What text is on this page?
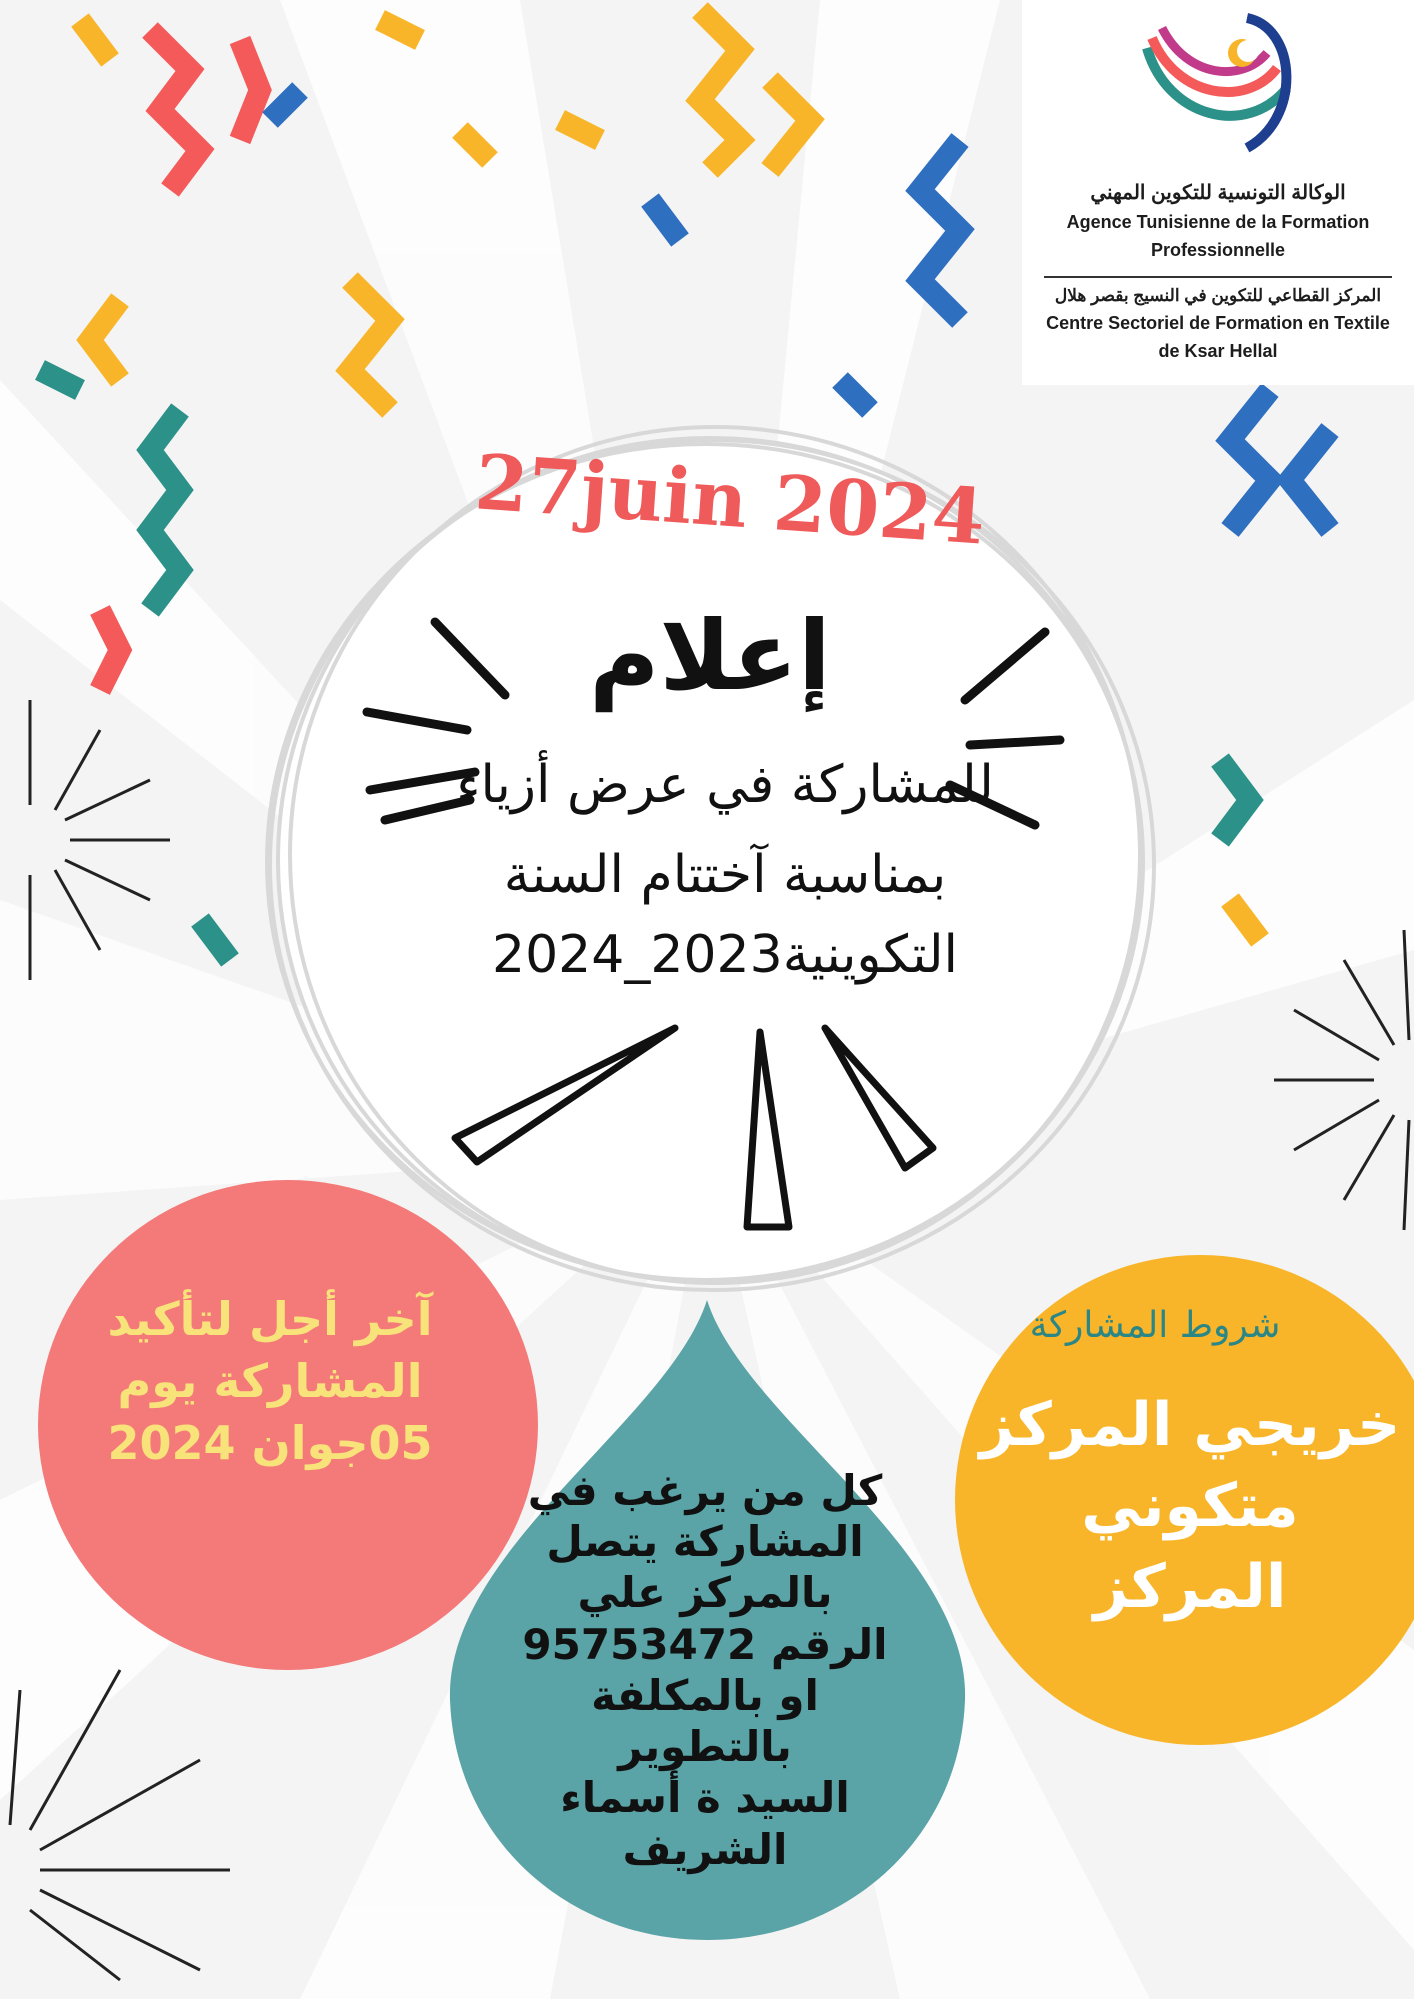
الوكالة التونسية للتكوين المهني
Agence Tunisienne de la Formation
Professionnelle
المركز القطاعي للتكوين في النسيج بقصر هلال
Centre Sectoriel de Formation en Textile
de Ksar Hellal
27juin 2024
إعلام
للمشاركة في عرض أزياء
بمناسبة آختتام السنة
التكوينية2023_2024
آخر أجل لتأكيد
المشاركة يوم
05جوان 2024
شروط المشاركة
خريجي المركز
متكوني المركز
كل من يرغب في
المشاركة يتصل
بالمركز علي
الرقم 95753472
او بالمكلفة
بالتطوير
السيد ة أسماء
الشريف
